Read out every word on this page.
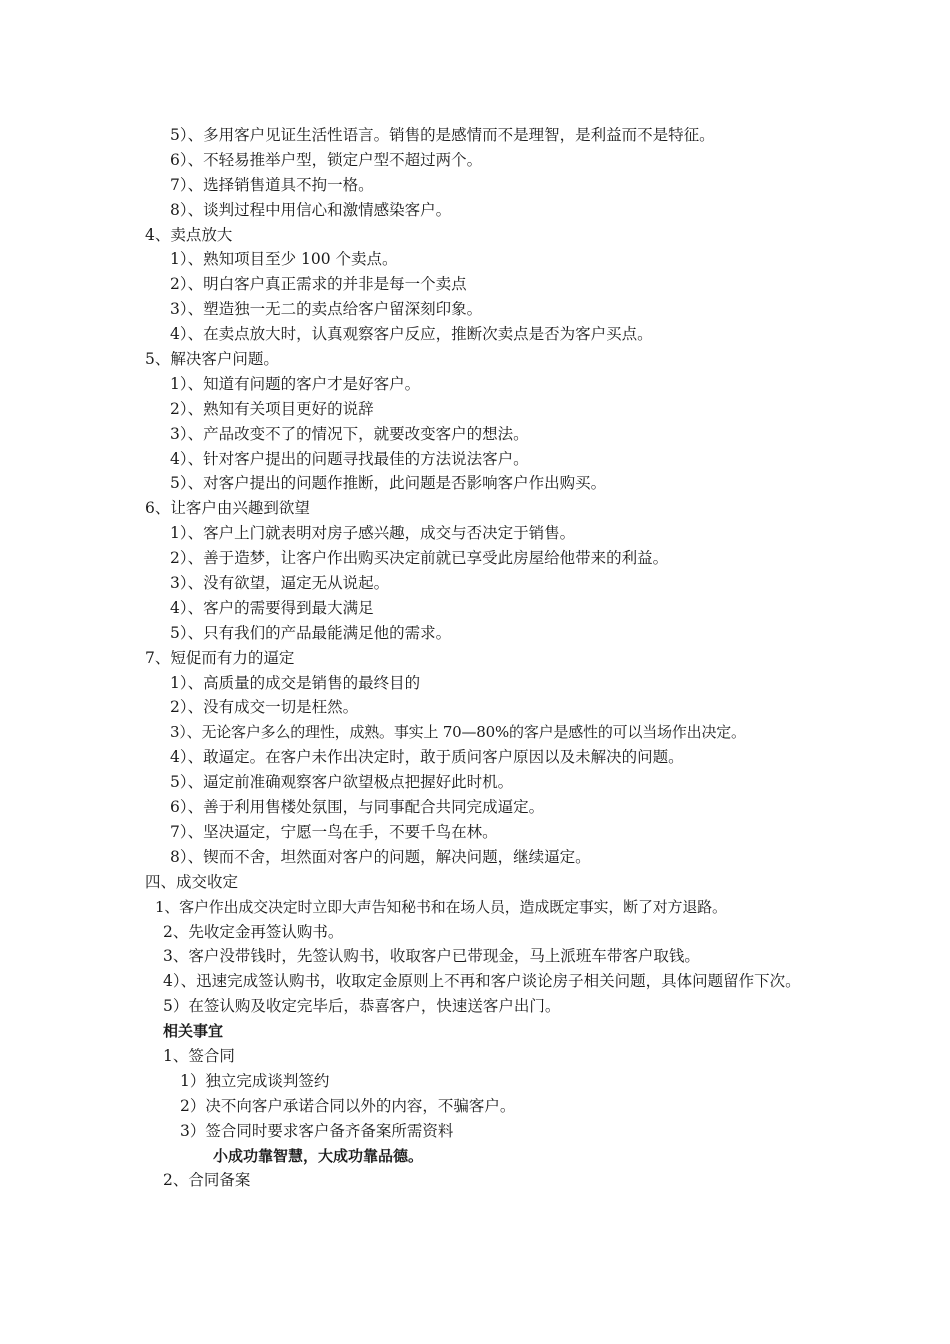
5）、多用客户见证生活性语言。销售的是感情而不是理智，是利益而不是特征。
6）、不轻易推举户型，锁定户型不超过两个。
7）、选择销售道具不拘一格。
8）、谈判过程中用信心和激情感染客户。
4、卖点放大
1）、熟知项目至少 100 个卖点。
2）、明白客户真正需求的并非是每一个卖点
3）、塑造独一无二的卖点给客户留深刻印象。
4）、在卖点放大时，认真观察客户反应，推断次卖点是否为客户买点。
5、解决客户问题。
1）、知道有问题的客户才是好客户。
2）、熟知有关项目更好的说辞
3）、产品改变不了的情况下，就要改变客户的想法。
4）、针对客户提出的问题寻找最佳的方法说法客户。
5）、对客户提出的问题作推断，此问题是否影响客户作出购买。
6、让客户由兴趣到欲望
1）、客户上门就表明对房子感兴趣，成交与否决定于销售。
2）、善于造梦，让客户作出购买决定前就已享受此房屋给他带来的利益。
3）、没有欲望，逼定无从说起。
4）、客户的需要得到最大满足
5）、只有我们的产品最能满足他的需求。
7、短促而有力的逼定
1）、高质量的成交是销售的最终目的
2）、没有成交一切是枉然。
3）、无论客户多么的理性，成熟。事实上 70—80%的客户是感性的可以当场作出决定。
4）、敢逼定。在客户未作出决定时，敢于质问客户原因以及未解决的问题。
5）、逼定前准确观察客户欲望极点把握好此时机。
6）、善于利用售楼处氛围，与同事配合共同完成逼定。
7）、坚决逼定，宁愿一鸟在手，不要千鸟在林。
8）、锲而不舍，坦然面对客户的问题，解决问题，继续逼定。
四、成交收定
1、客户作出成交决定时立即大声告知秘书和在场人员，造成既定事实，断了对方退路。
2、先收定金再签认购书。
3、客户没带钱时，先签认购书，收取客户已带现金，马上派班车带客户取钱。
4）、迅速完成签认购书，收取定金原则上不再和客户谈论房子相关问题，具体问题留作下次。
5）在签认购及收定完毕后，恭喜客户，快速送客户出门。
相关事宜
1、签合同
1）独立完成谈判签约
2）决不向客户承诺合同以外的内容，不骗客户。
3）签合同时要求客户备齐备案所需资料
小成功靠智慧，大成功靠品德。
2、合同备案
